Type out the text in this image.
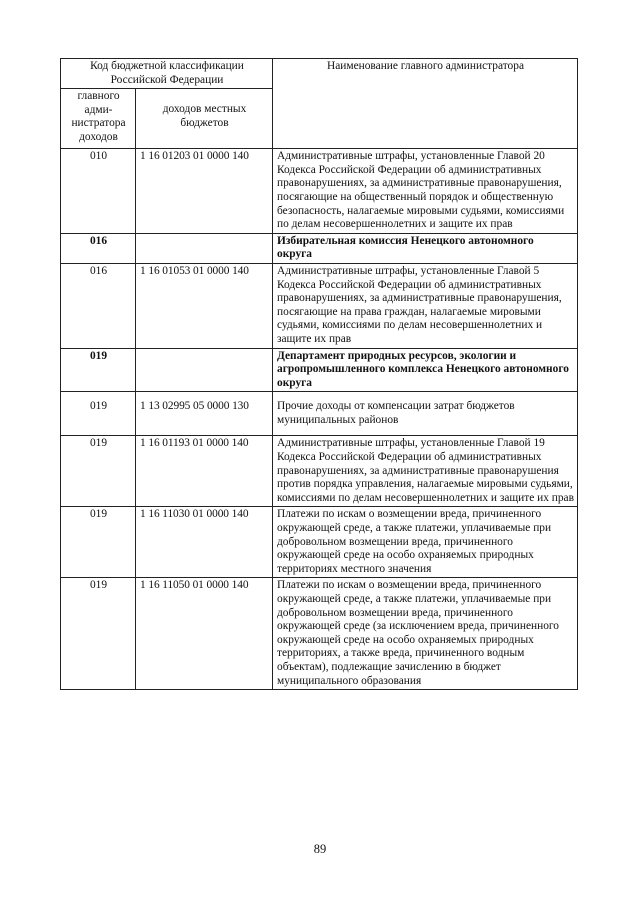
Код бюджетной классификации Российской Федерации		Наименование главного администратора
главного адми- нистратора доходов	доходов местных бюджетов	
010	1 16 01203 01 0000 140	Административные штрафы, установленные Главой 20 Кодекса Российской Федерации об административных правонарушениях, за административные правонарушения, посягающие на общественный порядок и общественную безопасность, налагаемые мировыми судьями, комиссиями по делам несовершеннолетних и защите их прав
016		Избирательная комиссия Ненецкого автономного округа
016	1 16 01053 01 0000 140	Административные штрафы, установленные Главой 5 Кодекса Российской Федерации об административных правонарушениях, за административные правонарушения, посягающие на права граждан, налагаемые мировыми судьями, комиссиями по делам несовершеннолетних и защите их прав
019		Департамент природных ресурсов, экологии и агропромышленного комплекса Ненецкого автономного округа
019	1 13 02995 05 0000 130	Прочие доходы от компенсации затрат бюджетов муниципальных районов
019	1 16 01193 01 0000 140	Административные штрафы, установленные Главой 19 Кодекса Российской Федерации об административных правонарушениях, за административные правонарушения против порядка управления, налагаемые мировыми судьями, комиссиями по делам несовершеннолетних и защите их прав
019	1 16 11030 01 0000 140	Платежи по искам о возмещении вреда, причиненного окружающей среде, а также платежи, уплачиваемые при добровольном возмещении вреда, причиненного окружающей среде на особо охраняемых природных территориях местного значения
019	1 16 11050 01 0000 140	Платежи по искам о возмещении вреда, причиненного окружающей среде, а также платежи, уплачиваемые при добровольном возмещении вреда, причиненного окружающей среде (за исключением вреда, причиненного окружающей среде на особо охраняемых природных территориях, а также вреда, причиненного водным объектам), подлежащие зачислению в бюджет муниципального образования
89
